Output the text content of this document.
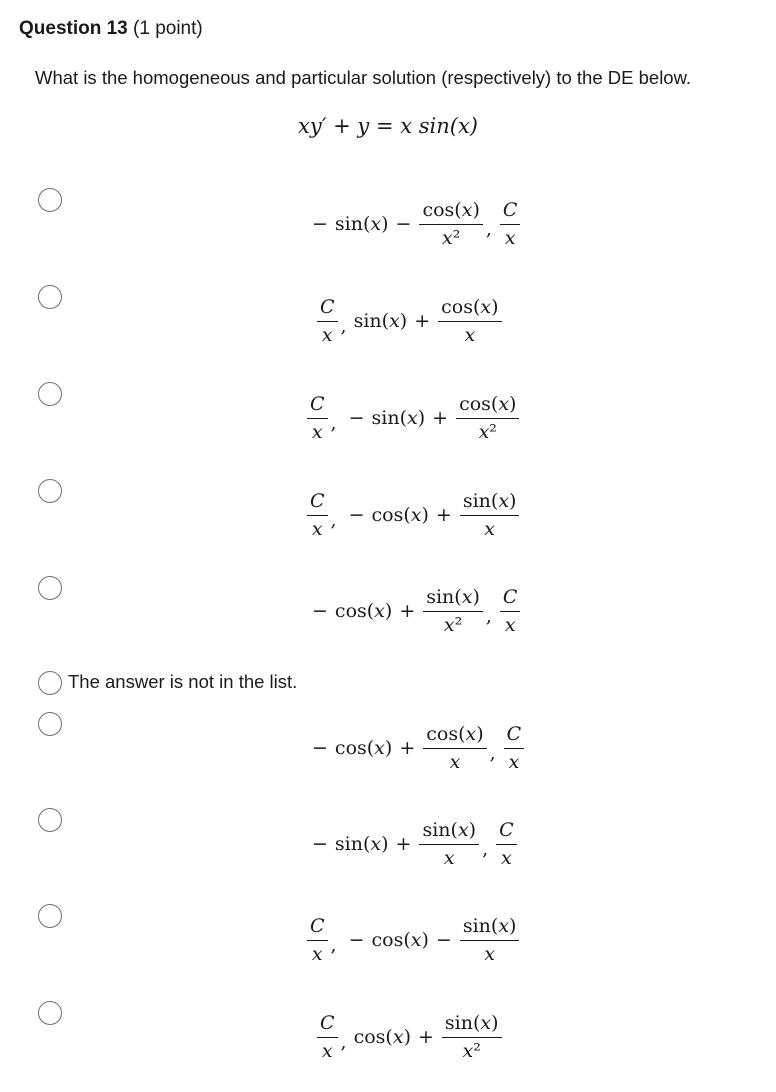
Question 13 (1 point)
What is the homogeneous and particular solution (respectively) to the DE below.
xy′ + y = x sin(x)
− $\sin(x) - \frac{\cos(x)}{\text{x²}}$ , $\frac{C}{x}$
$\frac{C}{x}$ , $\sin(x) + \frac{\cos(x)}{x}$
$\frac{C}{x}$ , − $\sin(x) + \frac{\cos(x)}{\text{x²}}$
$\frac{C}{x}$ , − $\cos(x) + \frac{\sin(x)}{x}$
− $\cos(x) + \frac{\sin(x)}{\text{x²}}$ , $\frac{C}{x}$
The answer is not in the list.
− $\cos(x) + \frac{\cos(x)}{x}$ , $\frac{C}{x}$
− $\sin(x) + \frac{\sin(x)}{x}$ , $\frac{C}{x}$
$\frac{C}{x}$ , − $\cos(x) - \frac{\sin(x)}{x}$
$\frac{C}{x}$ , $\cos(x) + \frac{\sin(x)}{\text{x²}}$
